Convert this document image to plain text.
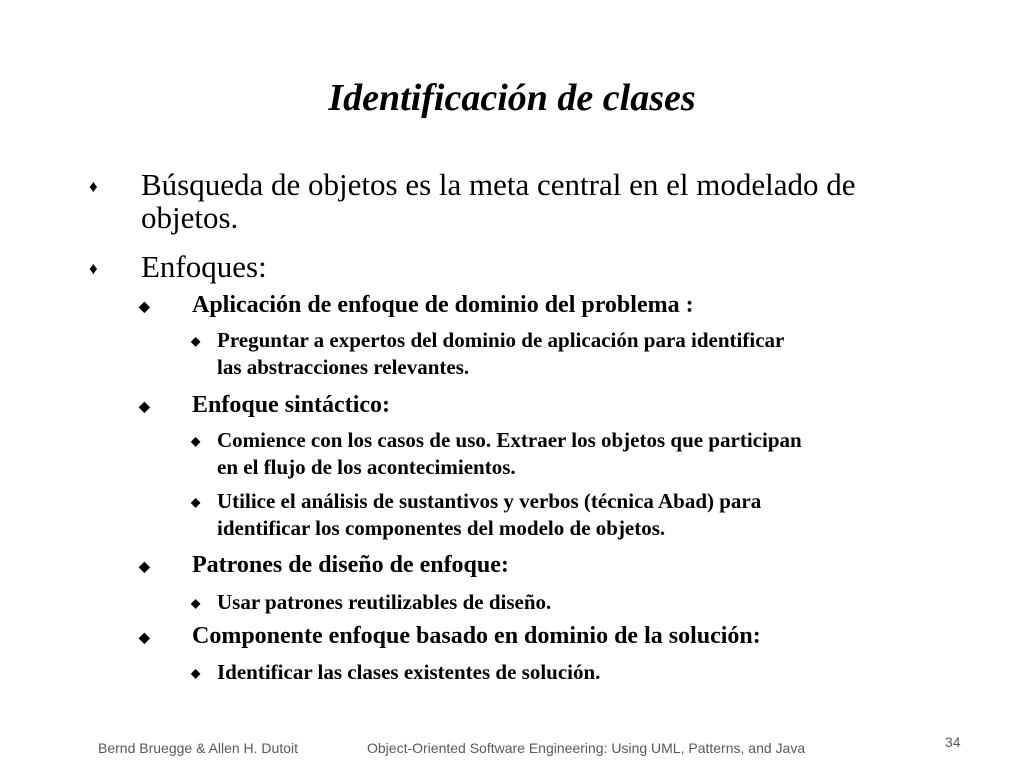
Identificación de clases
♦ Búsqueda de objetos es la meta central en el modelado de
objetos.
♦ Enfoques:
◆ Aplicación de enfoque de dominio del problema :
◆ Preguntar a expertos del dominio de aplicación para identificar
las abstracciones relevantes.
◆ Enfoque sintáctico:
◆ Comience con los casos de uso. Extraer los objetos que participan
en el flujo de los acontecimientos.
◆ Utilice el análisis de sustantivos y verbos (técnica Abad) para
identificar los componentes del modelo de objetos.
◆ Patrones de diseño de enfoque:
◆ Usar patrones reutilizables de diseño.
◆ Componente enfoque basado en dominio de la solución:
◆ Identificar las clases existentes de solución.
Bernd Bruegge & Allen H. Dutoit	Object-Oriented Software Engineering: Using UML, Patterns, and Java	34
